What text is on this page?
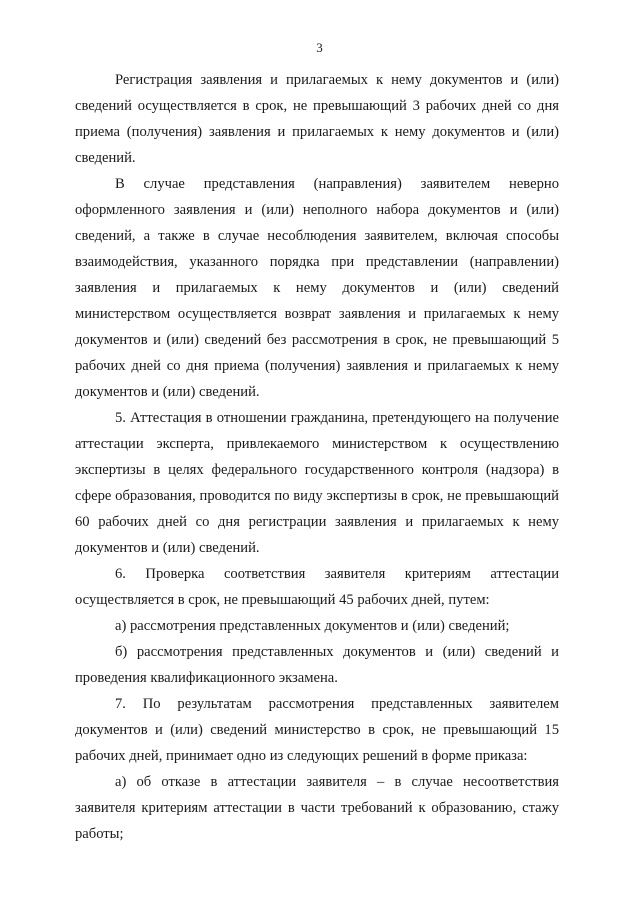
3

Регистрация заявления и прилагаемых к нему документов и (или) сведений осуществляется в срок, не превышающий 3 рабочих дней со дня приема (получения) заявления и прилагаемых к нему документов и (или) сведений.

В случае представления (направления) заявителем неверно оформленного заявления и (или) неполного набора документов и (или) сведений, а также в случае несоблюдения заявителем, включая способы взаимодействия, указанного порядка при представлении (направлении) заявления и прилагаемых к нему документов и (или) сведений министерством осуществляется возврат заявления и прилагаемых к нему документов и (или) сведений без рассмотрения в срок, не превышающий 5 рабочих дней со дня приема (получения) заявления и прилагаемых к нему документов и (или) сведений.

5. Аттестация в отношении гражданина, претендующего на получение аттестации эксперта, привлекаемого министерством к осуществлению экспертизы в целях федерального государственного контроля (надзора) в сфере образования, проводится по виду экспертизы в срок, не превышающий 60 рабочих дней со дня регистрации заявления и прилагаемых к нему документов и (или) сведений.

6. Проверка соответствия заявителя критериям аттестации осуществляется в срок, не превышающий 45 рабочих дней, путем:

а) рассмотрения представленных документов и (или) сведений;

б) рассмотрения представленных документов и (или) сведений и проведения квалификационного экзамена.

7. По результатам рассмотрения представленных заявителем документов и (или) сведений министерство в срок, не превышающий 15 рабочих дней, принимает одно из следующих решений в форме приказа:

а) об отказе в аттестации заявителя – в случае несоответствия заявителя критериям аттестации в части требований к образованию, стажу работы;
